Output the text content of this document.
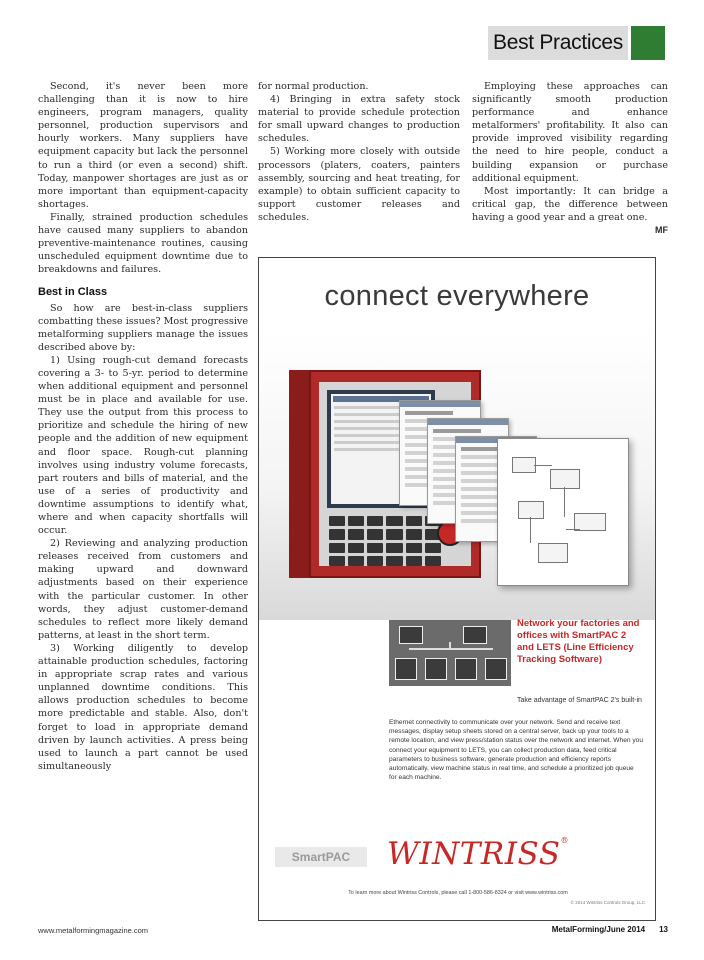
Best Practices

Second, it's never been more challenging than it is now to hire engineers, program managers, quality personnel, production supervisors and hourly workers. Many suppliers have equipment capacity but lack the personnel to run a third (or even a second) shift. Today, manpower shortages are just as or more important than equipment-capacity shortages.

Finally, strained production schedules have caused many suppliers to abandon preventive-maintenance routines, causing unscheduled equipment downtime due to breakdowns and failures.

Best in Class

So how are best-in-class suppliers combatting these issues? Most progressive metalforming suppliers manage the issues described above by:

1) Using rough-cut demand forecasts covering a 3- to 5-yr. period to determine when additional equipment and personnel must be in place and available for use. They use the output from this process to prioritize and schedule the hiring of new people and the addition of new equipment and floor space. Rough-cut planning involves using industry volume forecasts, part routers and bills of material, and the use of a series of productivity and downtime assumptions to identify what, where and when capacity shortfalls will occur.

2) Reviewing and analyzing production releases received from customers and making upward and downward adjustments based on their experience with the particular customer. In other words, they adjust customer-demand schedules to reflect more likely demand patterns, at least in the short term.

3) Working diligently to develop attainable production schedules, factoring in appropriate scrap rates and various unplanned downtime conditions. This allows production schedules to become more predictable and stable. Also, don't forget to load in appropriate demand driven by launch activities. A press being used to launch a part cannot be used simultaneously

for normal production.

4) Bringing in extra safety stock material to provide schedule protection for small upward changes to production schedules.

5) Working more closely with outside processors (platers, coaters, painters assembly, sourcing and heat treating, for example) to obtain sufficient capacity to support customer releases and schedules.

Employing these approaches can significantly smooth production performance and enhance metalformers' profitability. It also can provide improved visibility regarding the need to hire people, conduct a building expansion or purchase additional equipment.

Most importantly: It can bridge a critical gap, the difference between having a good year and a great one.
MF

connect everywhere
Network your factories and offices with SmartPAC 2 and LETS (Line Efficiency Tracking Software)
Take advantage of SmartPAC 2's built-in
Ethernet connectivity to communicate over your network. Send and receive text messages, display setup sheets stored on a central server, back up your tools to a remote location, and view press/station status over the network and internet. When you connect your equipment to LETS, you can collect production data, feed critical parameters to business software, generate production and efficiency reports automatically, view machine status in real time, and schedule a prioritized job queue for each machine.
SmartPAC WINTRISS®
To learn more about Wintriss Controls, please call 1-800-586-8324 or visit www.wintriss.com
© 2014 Wintriss Controls Group, LLC
www.metalformingmagazine.com	MetalForming/June 2014 13
